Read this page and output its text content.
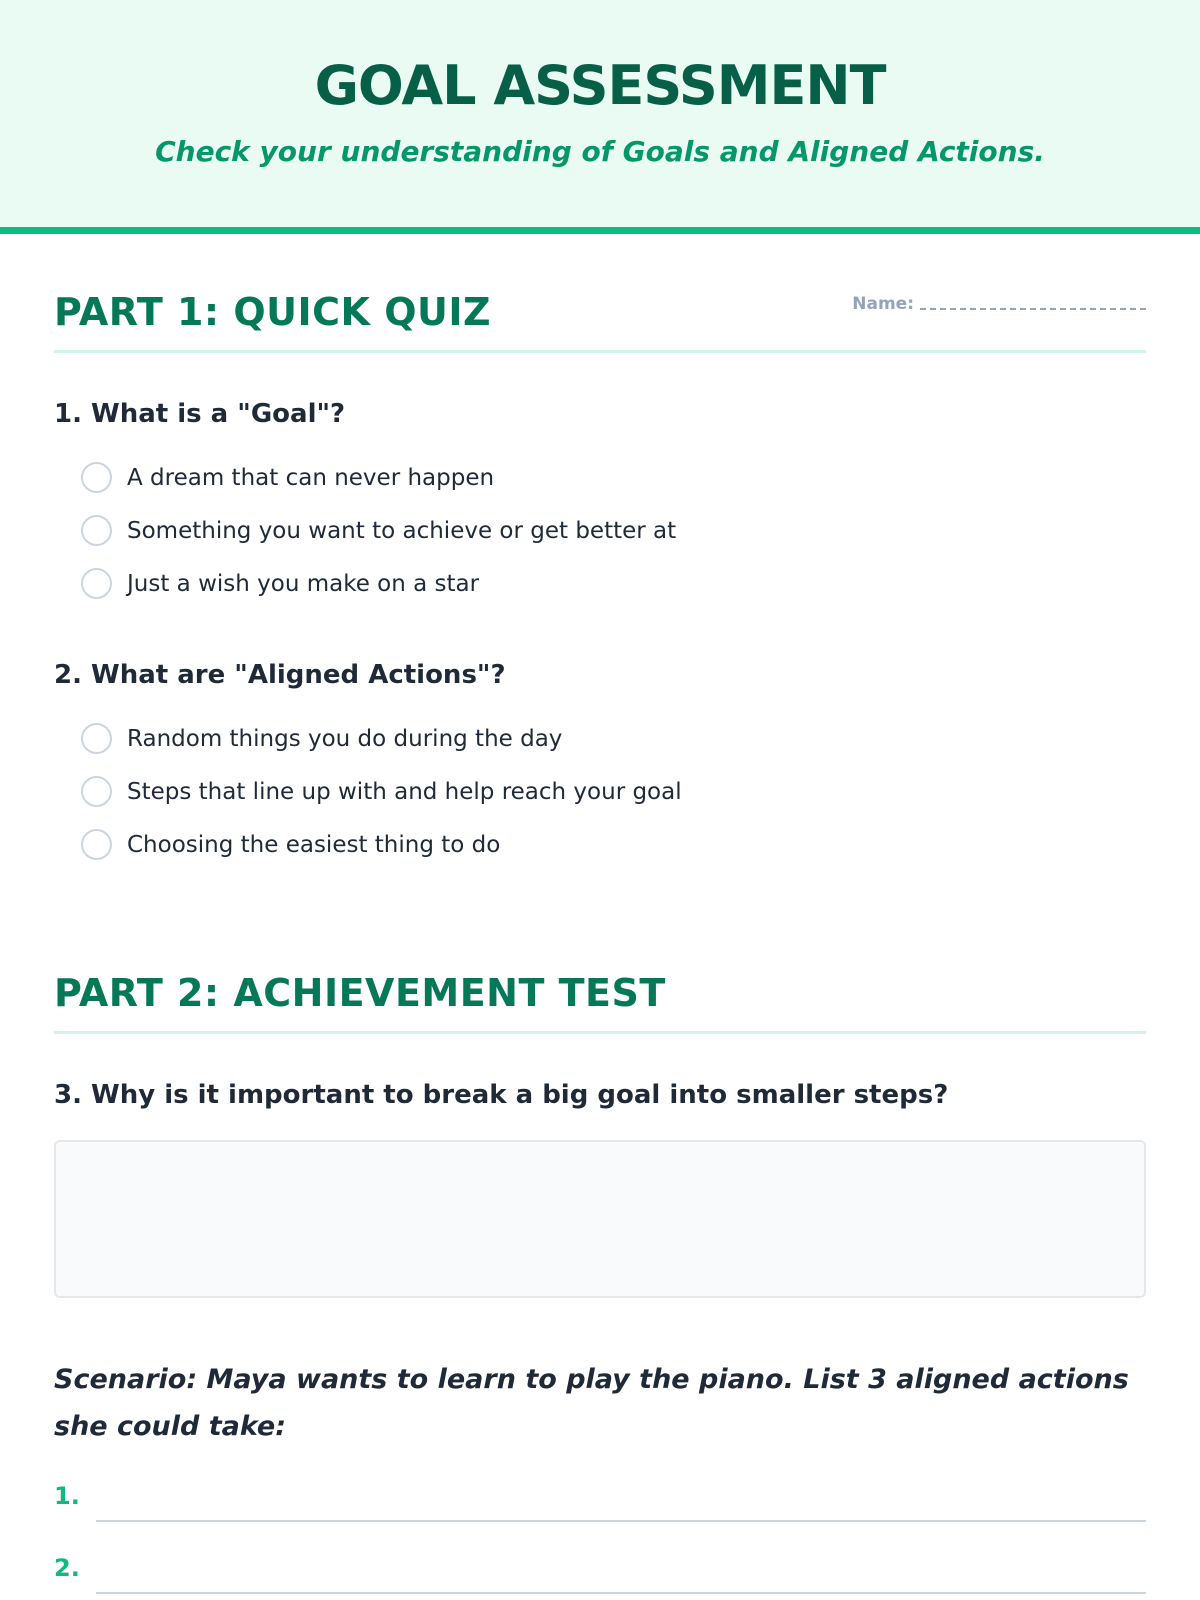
GOAL ASSESSMENT
Check your understanding of Goals and Aligned Actions.
PART 1: QUICK QUIZ	Name:
1. What is a "Goal"?
A dream that can never happen
Something you want to achieve or get better at
Just a wish you make on a star
2. What are "Aligned Actions"?
Random things you do during the day
Steps that line up with and help reach your goal
Choosing the easiest thing to do
PART 2: ACHIEVEMENT TEST
3. Why is it important to break a big goal into smaller steps?
Scenario: Maya wants to learn to play the piano. List 3 aligned actions she could take:
1.
2.
